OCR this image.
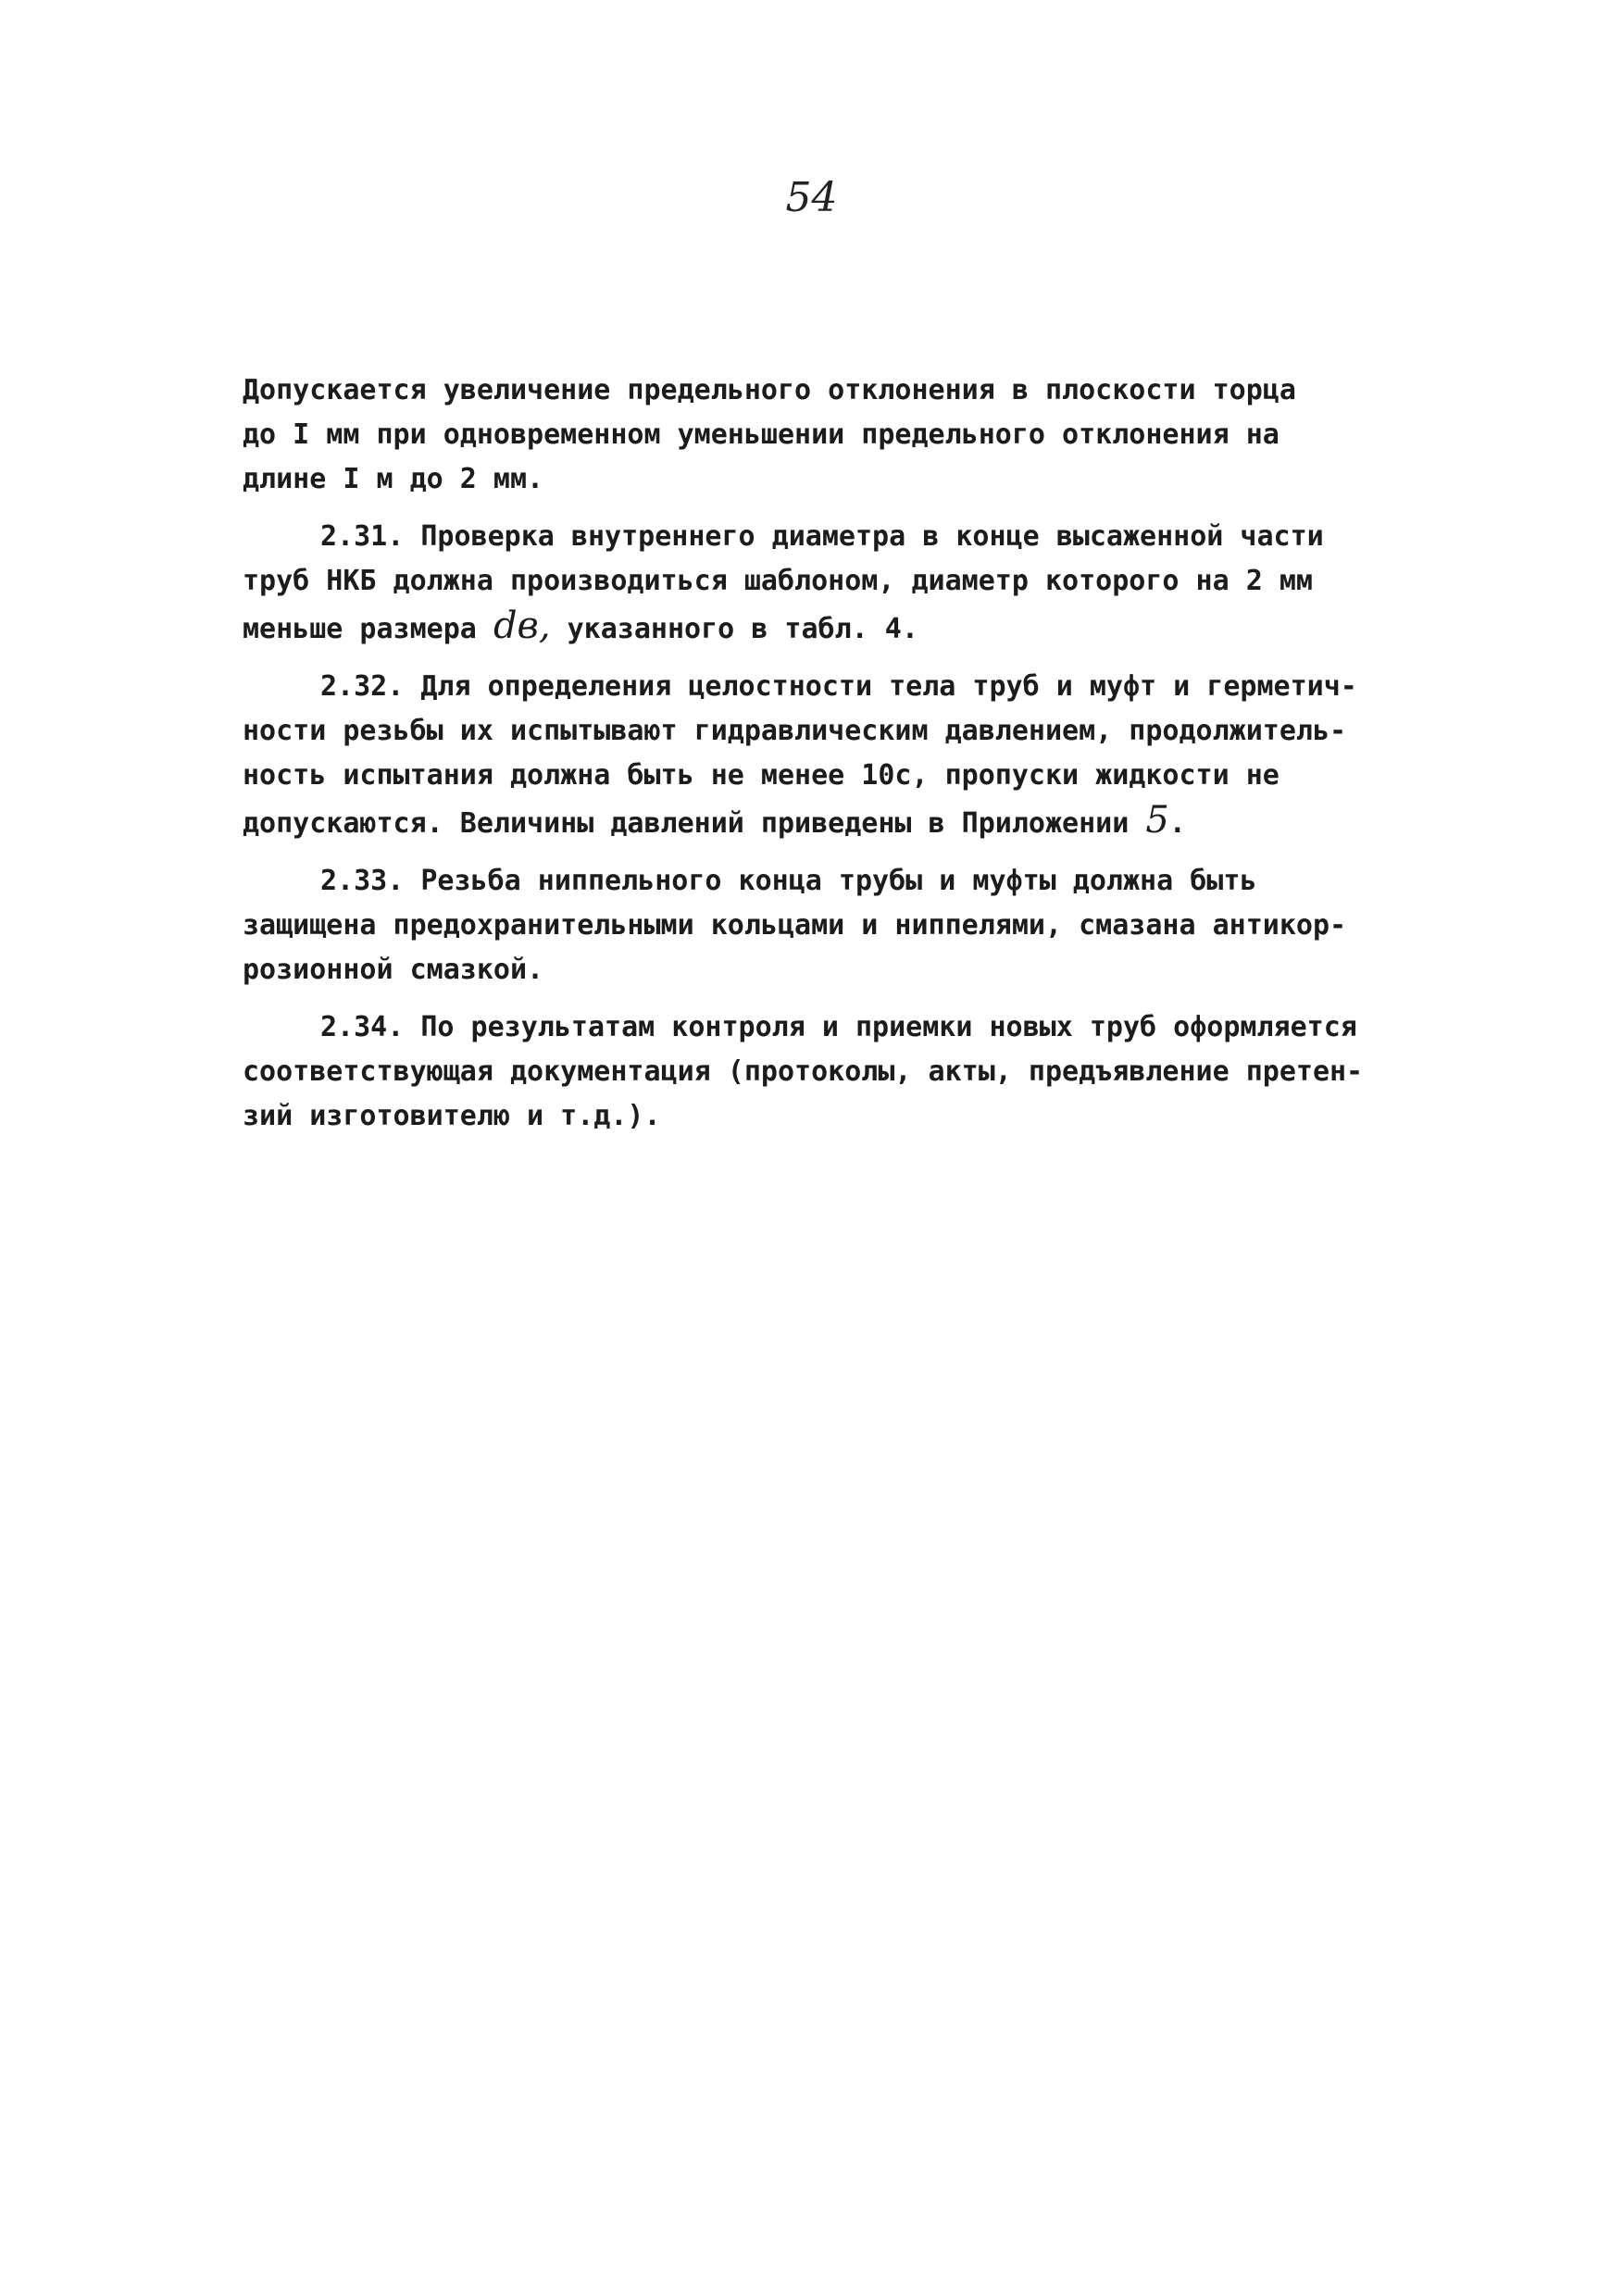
54
Допускается увеличение предельного отклонения в плоскости торца
до I мм при одновременном уменьшении предельного отклонения на
длине I м до 2 мм.
2.31. Проверка внутреннего диаметра в конце высаженной части
труб НКБ должна производиться шаблоном, диаметр которого на 2 мм
меньше размера dв, указанного в табл. 4.
2.32. Для определения целостности тела труб и муфт и герметич-
ности резьбы их испытывают гидравлическим давлением, продолжитель-
ность испытания должна быть не менее 10с, пропуски жидкости не
допускаются. Величины давлений приведены в Приложении 5.
2.33. Резьба ниппельного конца трубы и муфты должна быть
защищена предохранительными кольцами и ниппелями, смазана антикор-
розионной смазкой.
2.34. По результатам контроля и приемки новых труб оформляется
соответствующая документация (протоколы, акты, предъявление претен-
зий изготовителю и т.д.).
